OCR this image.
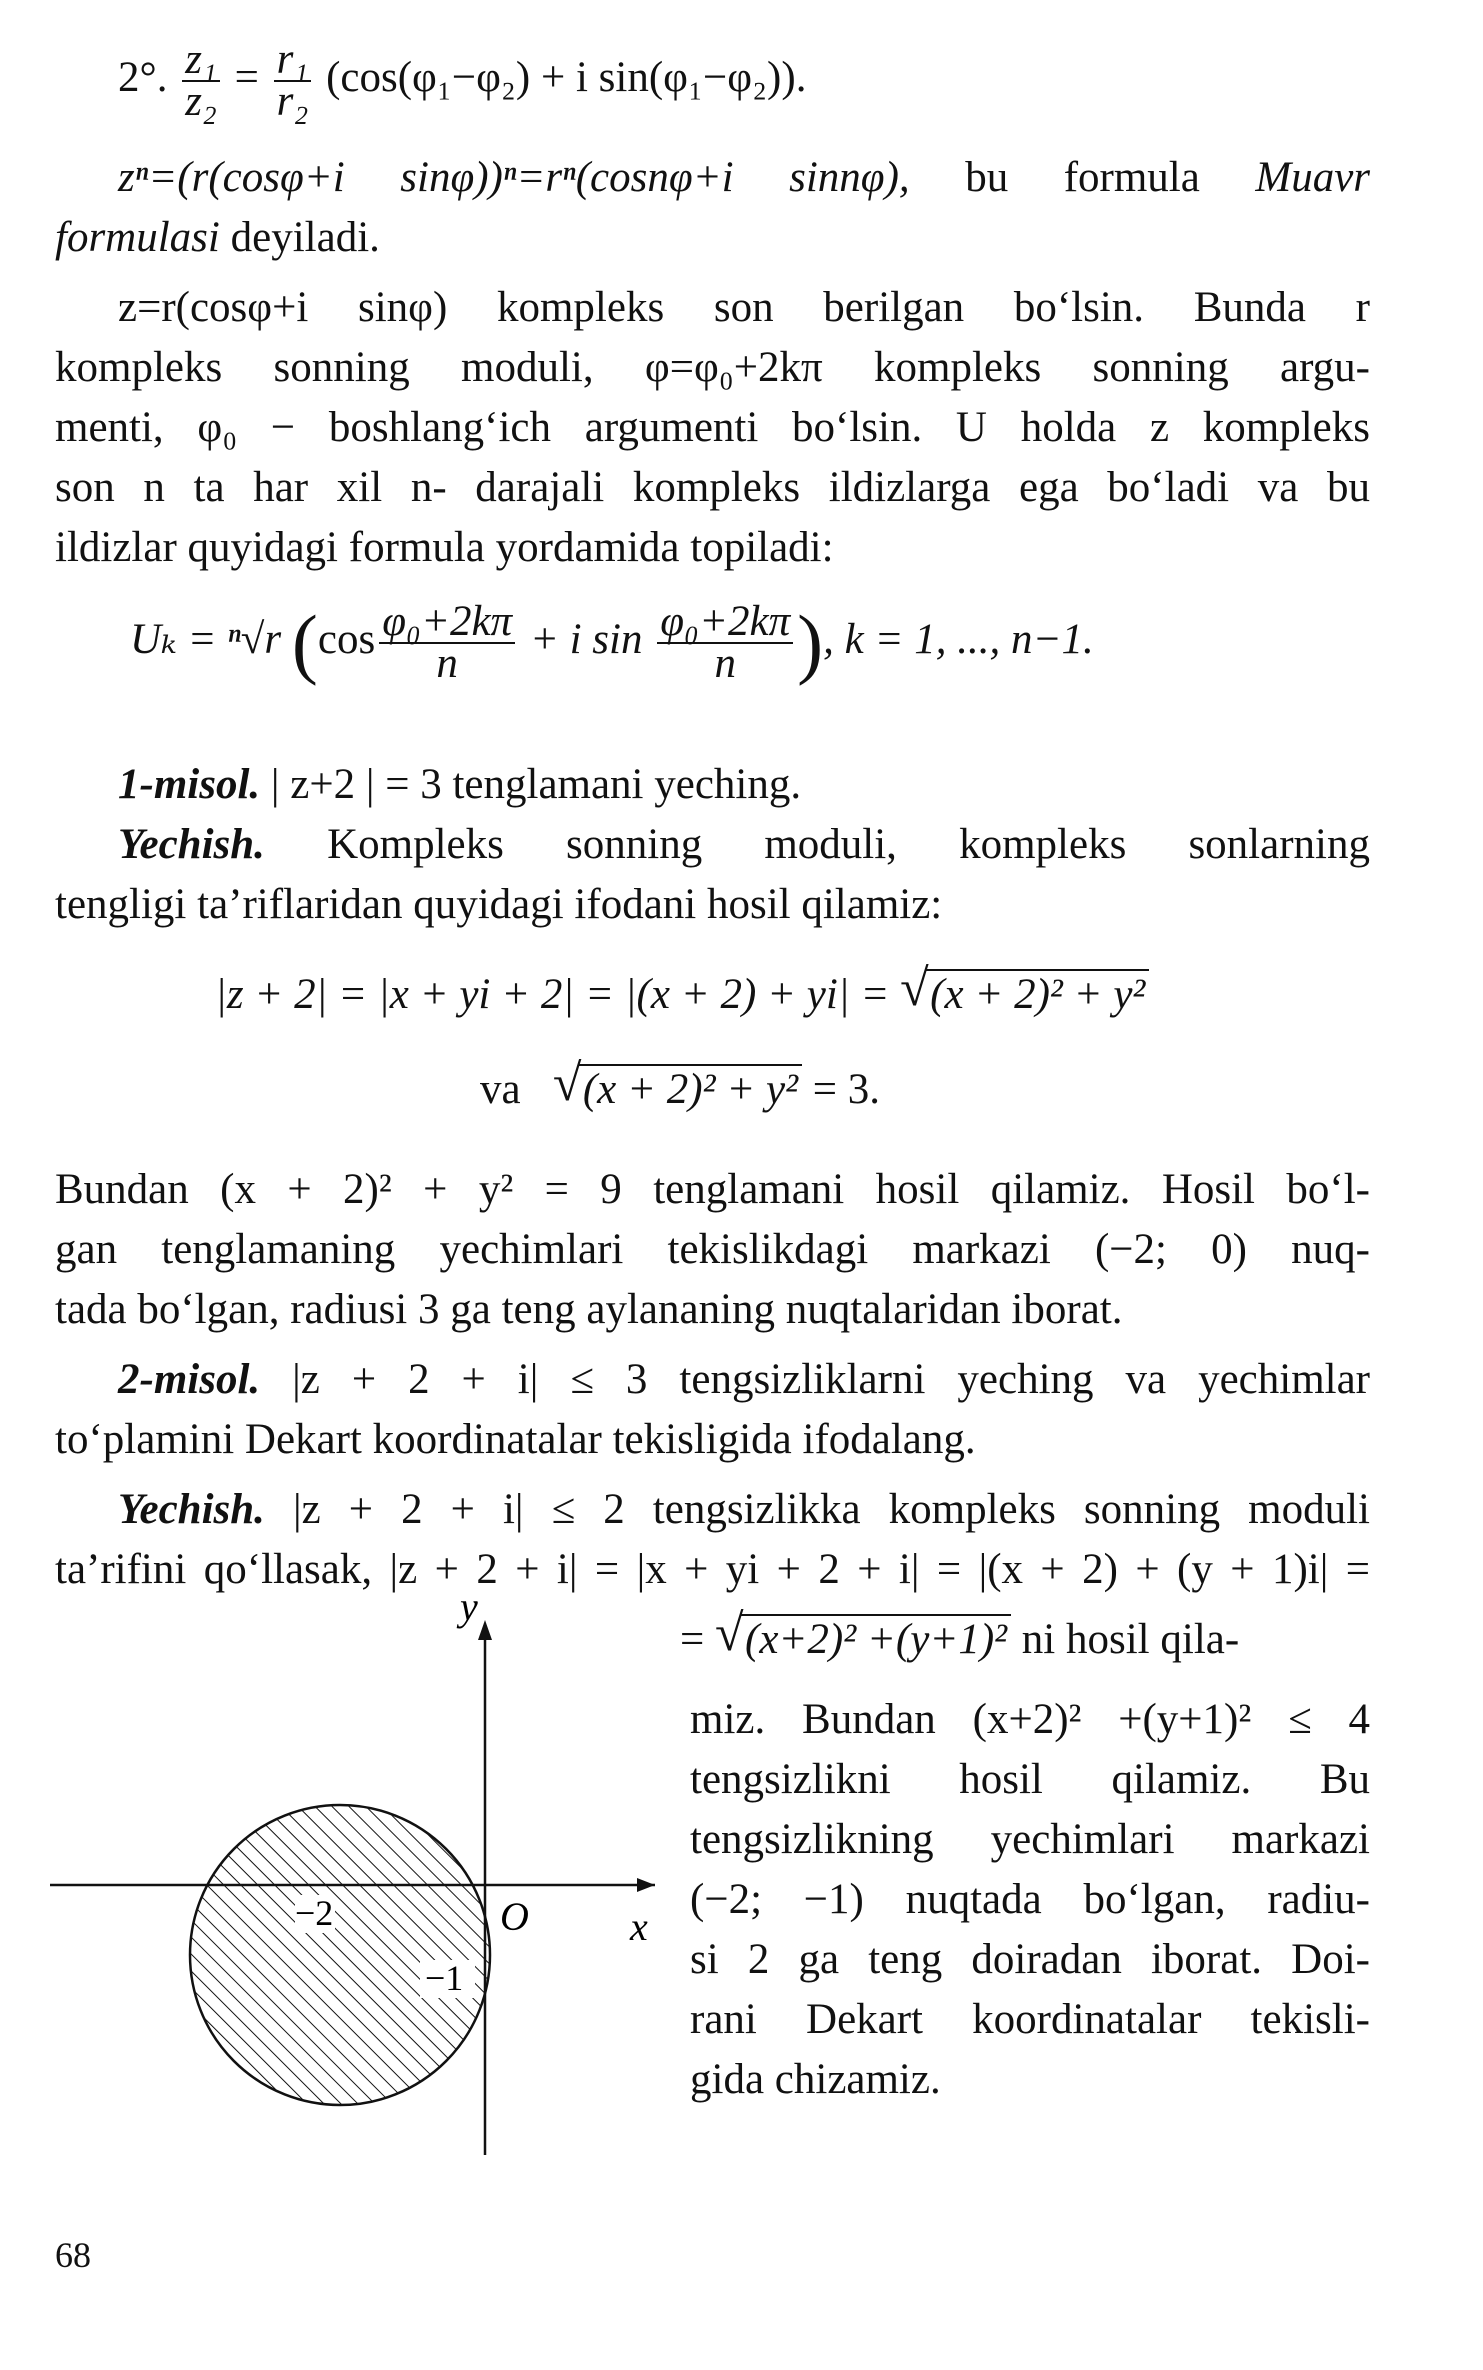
2°. $\frac{\text{z₁}}{\text{z₂}} = \frac{\text{r₁}}{\text{r₂}} (\cos(\varphi_1-\varphi_2) + i$ sin(φ₁−φ₂)).
zⁿ=(r(cosφ+i sinφ))ⁿ=rⁿ(cosnφ+i sinnφ), bu formula Muavr
formulasi deyiladi.
z=r(cosφ+i sinφ) kompleks son berilgan bo‘lsin. Bunda r
kompleks sonning moduli, φ=φ₀+2kπ kompleks sonning argu-
menti, φ₀ − boshlang‘ich argumenti bo‘lsin. U holda z kompleks
son n ta har xil n- darajali kompleks ildizlarga ega bo‘ladi va bu
ildizlar quyidagi formula yordamida topiladi:
Uₖ = ⁿ√r ($\cos \frac{\text{φ₀+2kπ}}{n} + i$ $\sin \frac{\text{φ₀+2kπ}}{n}$ ), k = 1, ..., n−1.
1-misol. | z+2 | = 3 tenglamani yeching.
Yechish. Kompleks sonning moduli, kompleks sonlarning
tengligi ta’riflaridan quyidagi ifodani hosil qilamiz:
|z + 2| = |x + yi + 2| = |(x + 2) + yi| = √ (x + 2)² + y²
va   √ (x + 2)² + y² = 3.
Bundan (x + 2)² + y² = 9 tenglamani hosil qilamiz. Hosil bo‘l-
gan tenglamaning yechimlari tekislikdagi markazi (−2; 0) nuq-
tada bo‘lgan, radiusi 3 ga teng aylananing nuqtalaridan iborat.
2-misol. |z + 2 + i| ≤ 3 tengsizliklarni yeching va yechimlar
to‘plamini Dekart koordinatalar tekisligida ifodalang.
Yechish. |z + 2 + i| ≤ 2 tengsizlikka kompleks sonning moduli
ta’rifini qo‘llasak, |z + 2 + i| = |x + yi + 2 + i| = |(x + 2) + (y + 1)i| =
= √ (x+2)² +(y+1)² ni hosil qila-
miz. Bundan (x+2)² +(y+1)² ≤ 4
tengsizlikni hosil qilamiz. Bu
tengsizlikning yechimlari markazi
(−2; −1) nuqtada bo‘lgan, radiu-
si 2 ga teng doiradan iborat. Doi-
rani Dekart koordinatalar tekisli-
gida chizamiz.
y
x
O
−2
−1
68
